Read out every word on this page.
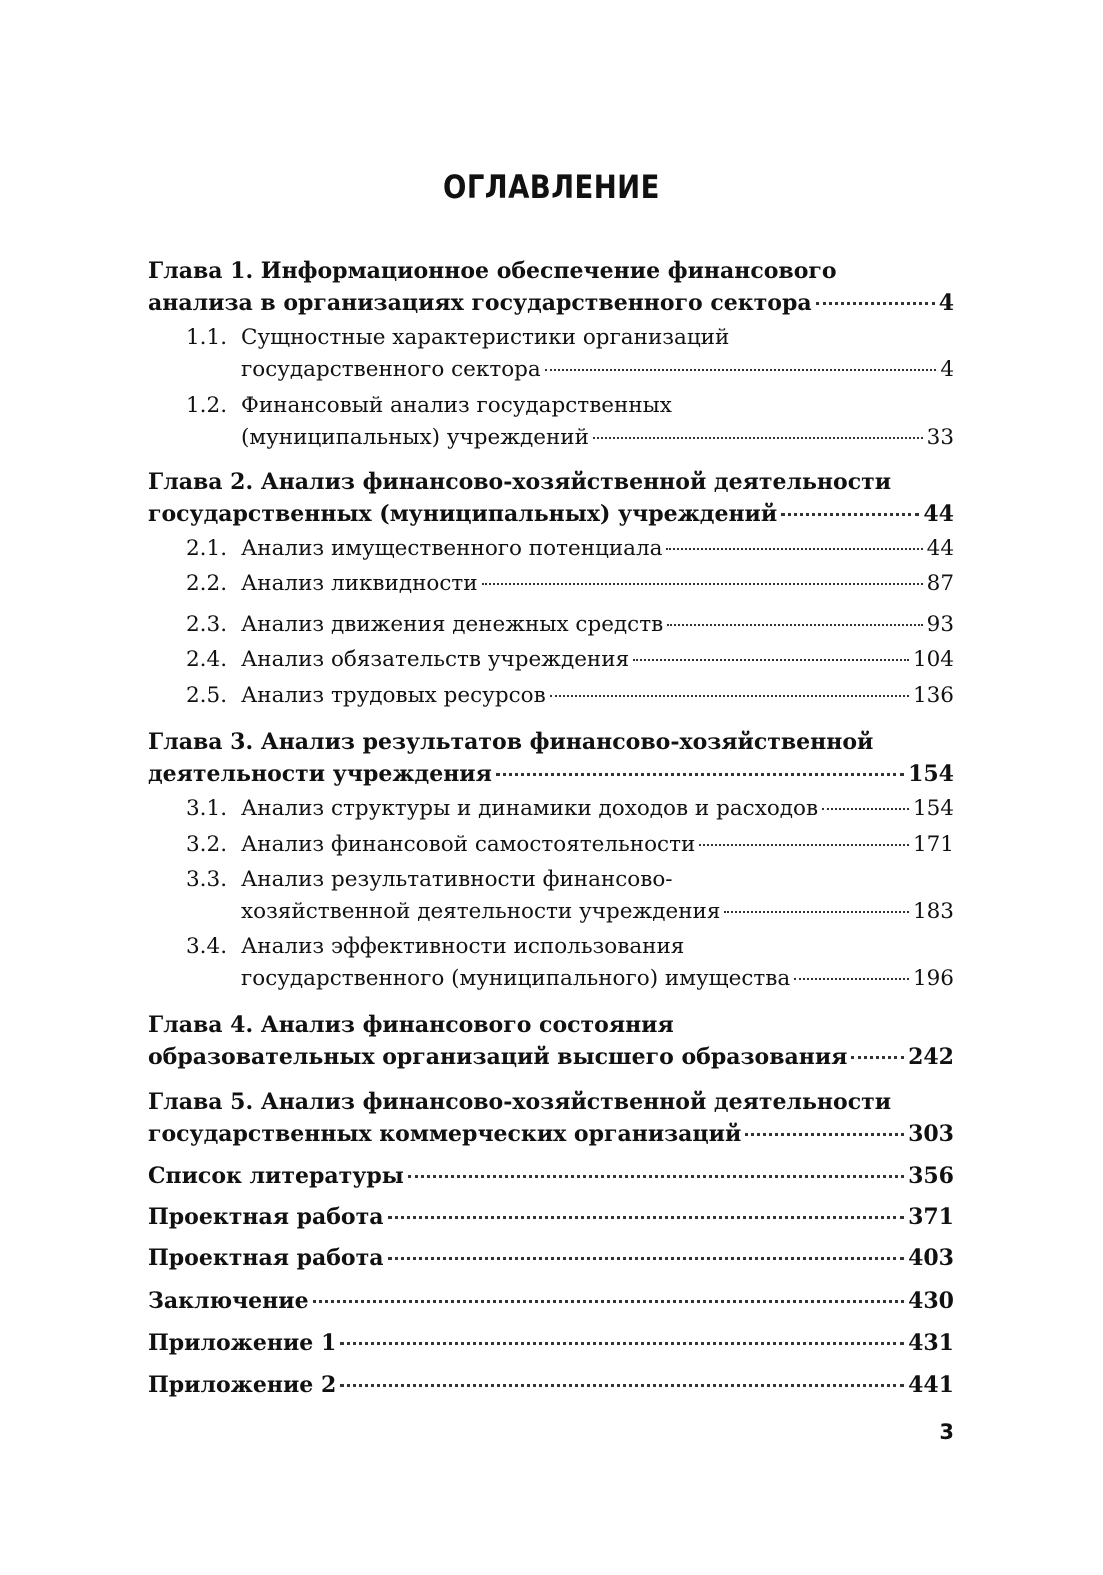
ОГЛАВЛЕНИЕ
Глава 1. Информационное обеспечение финансового
анализа в организациях государственного сектора	4
1.1. Сущностные характеристики организаций
государственного сектора	4
1.2. Финансовый анализ государственных
(муниципальных) учреждений	33
Глава 2. Анализ финансово-хозяйственной деятельности
государственных (муниципальных) учреждений	44
2.1. Анализ имущественного потенциала	44
2.2. Анализ ликвидности	87
2.3. Анализ движения денежных средств	93
2.4. Анализ обязательств учреждения	104
2.5. Анализ трудовых ресурсов	136
Глава 3. Анализ результатов финансово-хозяйственной
деятельности учреждения	154
3.1. Анализ структуры и динамики доходов и расходов	154
3.2. Анализ финансовой самостоятельности	171
3.3. Анализ результативности финансово-
хозяйственной деятельности учреждения	183
3.4. Анализ эффективности использования
государственного (муниципального) имущества	196
Глава 4. Анализ финансового состояния
образовательных организаций высшего образования	242
Глава 5. Анализ финансово-хозяйственной деятельности
государственных коммерческих организаций	303
Список литературы	356
Проектная работа	371
Проектная работа	403
Заключение	430
Приложение 1	431
Приложение 2	441
3
